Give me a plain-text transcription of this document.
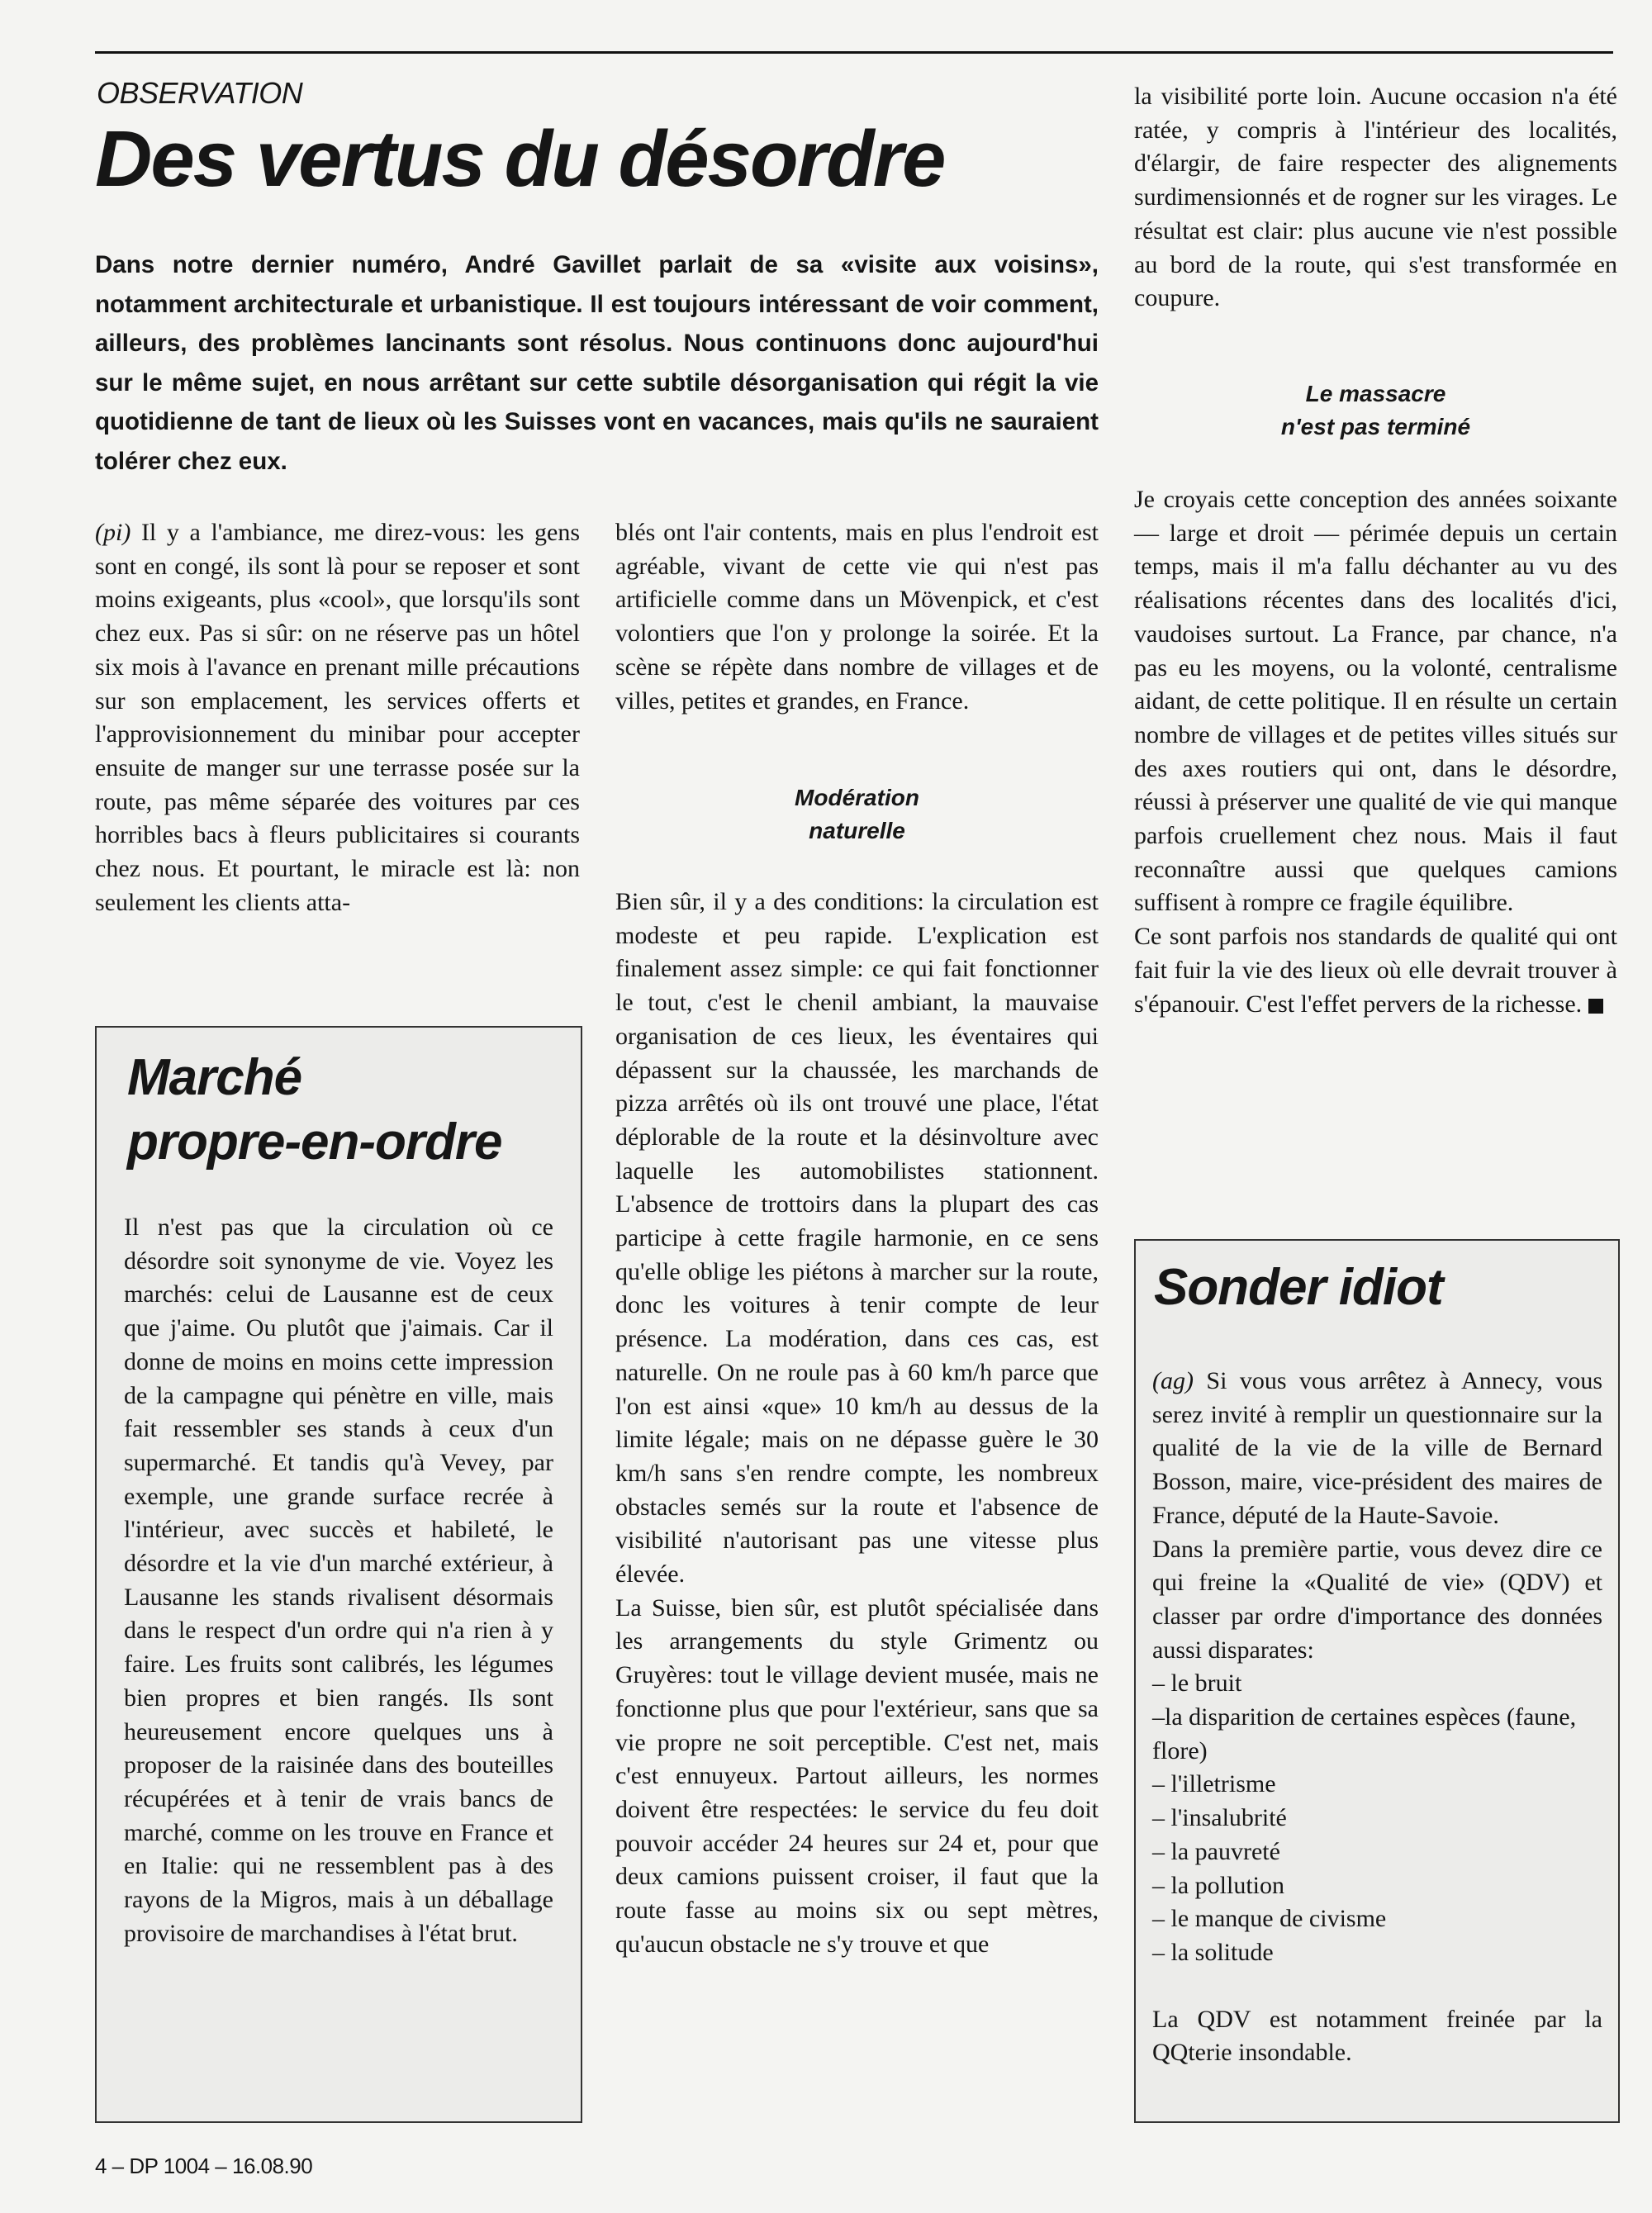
OBSERVATION
Des vertus du désordre
Dans notre dernier numéro, André Gavillet parlait de sa «visite aux voisins», notamment architecturale et urbanistique. Il est toujours intéressant de voir comment, ailleurs, des problèmes lancinants sont résolus. Nous continuons donc aujourd'hui sur le même sujet, en nous arrêtant sur cette subtile désorganisation qui régit la vie quotidienne de tant de lieux où les Suisses vont en vacances, mais qu'ils ne sauraient tolérer chez eux.

(pi) Il y a l'ambiance, me direz-vous: les gens sont en congé, ils sont là pour se reposer et sont moins exigeants, plus «cool», que lorsqu'ils sont chez eux. Pas si sûr: on ne réserve pas un hôtel six mois à l'avance en prenant mille précautions sur son emplacement, les services offerts et l'approvisionnement du minibar pour accepter ensuite de manger sur une terrasse posée sur la route, pas même séparée des voitures par ces horribles bacs à fleurs publicitaires si courants chez nous. Et pourtant, le miracle est là: non seulement les clients atta-

blés ont l'air contents, mais en plus l'endroit est agréable, vivant de cette vie qui n'est pas artificielle comme dans un Mövenpick, et c'est volontiers que l'on y prolonge la soirée. Et la scène se répète dans nombre de villages et de villes, petites et grandes, en France.

Modération
naturelle

Bien sûr, il y a des conditions: la circulation est modeste et peu rapide. L'explication est finalement assez simple: ce qui fait fonctionner le tout, c'est le chenil ambiant, la mauvaise organisation de ces lieux, les éventaires qui dépassent sur la chaussée, les marchands de pizza arrêtés où ils ont trouvé une place, l'état déplorable de la route et la désinvolture avec laquelle les automobilistes stationnent. L'absence de trottoirs dans la plupart des cas participe à cette fragile harmonie, en ce sens qu'elle oblige les piétons à marcher sur la route, donc les voitures à tenir compte de leur présence. La modération, dans ces cas, est naturelle. On ne roule pas à 60 km/h parce que l'on est ainsi «que» 10 km/h au dessus de la limite légale; mais on ne dépasse guère le 30 km/h sans s'en rendre compte, les nombreux obstacles semés sur la route et l'absence de visibilité n'autorisant pas une vitesse plus élevée.

La Suisse, bien sûr, est plutôt spécialisée dans les arrangements du style Grimentz ou Gruyères: tout le village devient musée, mais ne fonctionne plus que pour l'extérieur, sans que sa vie propre ne soit perceptible. C'est net, mais c'est ennuyeux. Partout ailleurs, les normes doivent être respectées: le service du feu doit pouvoir accéder 24 heures sur 24 et, pour que deux camions puissent croiser, il faut que la route fasse au moins six ou sept mètres, qu'aucun obstacle ne s'y trouve et que

la visibilité porte loin. Aucune occasion n'a été ratée, y compris à l'intérieur des localités, d'élargir, de faire respecter des alignements surdimensionnés et de rogner sur les virages. Le résultat est clair: plus aucune vie n'est possible au bord de la route, qui s'est transformée en coupure.

Le massacre
n'est pas terminé

Je croyais cette conception des années soixante — large et droit — périmée depuis un certain temps, mais il m'a fallu déchanter au vu des réalisations récentes dans des localités d'ici, vaudoises surtout. La France, par chance, n'a pas eu les moyens, ou la volonté, centralisme aidant, de cette politique. Il en résulte un certain nombre de villages et de petites villes situés sur des axes routiers qui ont, dans le désordre, réussi à préserver une qualité de vie qui manque parfois cruellement chez nous. Mais il faut reconnaître aussi que quelques camions suffisent à rompre ce fragile équilibre.

Ce sont parfois nos standards de qualité qui ont fait fuir la vie des lieux où elle devrait trouver à s'épanouir. C'est l'effet pervers de la richesse.

Marché
propre-en-ordre

Il n'est pas que la circulation où ce désordre soit synonyme de vie. Voyez les marchés: celui de Lausanne est de ceux que j'aime. Ou plutôt que j'aimais. Car il donne de moins en moins cette impression de la campagne qui pénètre en ville, mais fait ressembler ses stands à ceux d'un supermarché. Et tandis qu'à Vevey, par exemple, une grande surface recrée à l'intérieur, avec succès et habileté, le désordre et la vie d'un marché extérieur, à Lausanne les stands rivalisent désormais dans le respect d'un ordre qui n'a rien à y faire. Les fruits sont calibrés, les légumes bien propres et bien rangés. Ils sont heureusement encore quelques uns à proposer de la raisinée dans des bouteilles récupérées et à tenir de vrais bancs de marché, comme on les trouve en France et en Italie: qui ne ressemblent pas à des rayons de la Migros, mais à un déballage provisoire de marchandises à l'état brut.

Sonder idiot

(ag) Si vous vous arrêtez à Annecy, vous serez invité à remplir un questionnaire sur la qualité de la vie de la ville de Bernard Bosson, maire, vice-président des maires de France, député de la Haute-Savoie.

Dans la première partie, vous devez dire ce qui freine la «Qualité de vie» (QDV) et classer par ordre d'importance des données aussi disparates:

– le bruit
–la disparition de certaines espèces (faune, flore)
– l'illetrisme
– l'insalubrité
– la pauvreté
– la pollution
– le manque de civisme
– la solitude

La QDV est notamment freinée par la QQterie insondable.

4 – DP 1004 – 16.08.90
